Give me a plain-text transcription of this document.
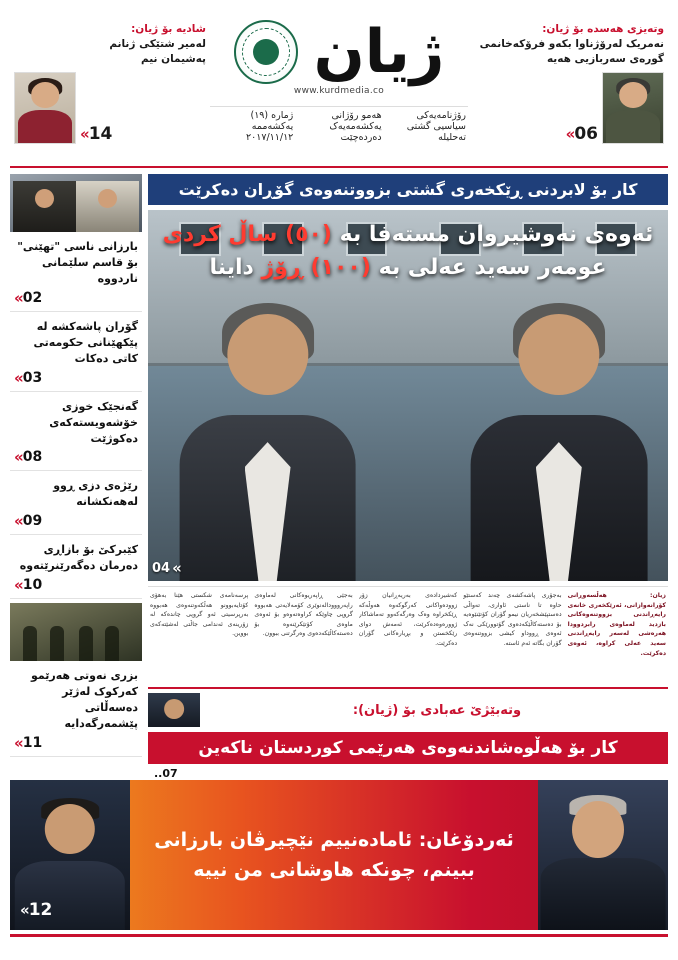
شادیە بۆ ژیان:
لەمیر شتێکی ژنانم
پەشیمان نیم
« 14
ژیان
www.kurdmedia.co
رۆژنامەیەکی سیاسیی گشتی تەحلیلە
هەمو رۆژانی یەکشەمەیەک دەردەچێت
ژمارە (١٩) یەکشەممە ٢٠١٧/١١/١٢
وتەیزی هەسدە بۆ ژیان:
نەمریک لەرۆژناوا بکەو فرۆکەخانمی
گورەی سەربازیی هەیە
« 06
بارزانی ناسی "تهێنی" بۆ قاسم سلێمانی ناردووە
« 02
گۆران پاشەکشە لە پێکهێنانی حکومەتی کاتی دەکات
« 03
گەنجێک خوزی خۆشەویستەکەی دەکوژێت
« 08
رێژەی دزی ڕوو لەهەنکشانە
« 09
کێبرکێ بۆ بازاڕی دەرمان دەگەرێنرێتەوە
« 10
بزری نەوتی هەرێمو کەرکوک لەژێر دەسەڵاتی پێشمەرگەدایە
« 11
کار بۆ لابردنی ڕێکخەری گشتی بزووتنەوەی گۆڕان دەکرێت
ئەوەی نەوشیروان مستەفا بە (٥٠) ساڵ کردی
عومەر سەید عەلی بە (١٠٠) ڕۆژ داینا
04 «
زیان: هەڵسەوڕانی کۆرانەوازانی، ئەرێکخەری خانەی رایەڕاندنی بزووتنەوەکانی بازدید لەماوەی رابردوودا هەرەشی لەسەر رایەڕاندنی سەید عەلی کراوە، ئەوەی دەکرێت.
بەجۆری پاشەکشەی چەند کەستێو حاوە تا ناستی ئاواری، تەواڵی دەستپێشخەریان نیمو گۆران کۆتێنێوەیە بۆ دەستەکاڵێکەدەوی گۆتوورێکی نەک ئەوەی ڕووداو کیشی بزووتنەوەی گۆران بگاتە ئەم ئاستە.
کەشیردادەی بەریەڕانیان زۆر زوودەواکانی کەرگوکەوە هەوڵەکە ڕێکخراوە وەک وەرگەکەوو تەماشاکار ژوورەوەدەکرێت، ئەمەش دوای رێکخستن و بڕیارەکانی گۆران دەکرێت.
بەجێی ڕاپەریوەکانی لەماوەی راپەرووودالەنوێری کۆمەلایەتی هەبووە گروپی چاوێکە کراوەتەوەو بۆ ئەوەی ماوەی کۆتێکرێنەوە بۆ دەستەکاڵێکەدەوی وەرگرتنی ببوون.
پرسەنامەی شکستی هێنا بەهۆی کۆتایەبوونو هەڵکەوتنەوەی هەبووە بەرپرسیتی ئەو گروپی چاندەکە لە زۆرینەی ئەندامی جاڵتی لەشێتەکەی بووین.
وتەبێژێ عەبادی بۆ (ژیان):
کار بۆ هەڵوەشاندنەوەی هەرێمی کوردستان ناکەین
07..
« 12
ئەردۆغان: ئامادەنییم نێچیرڤان بارزانی
ببینم، چونکە هاوشانی من نییە
